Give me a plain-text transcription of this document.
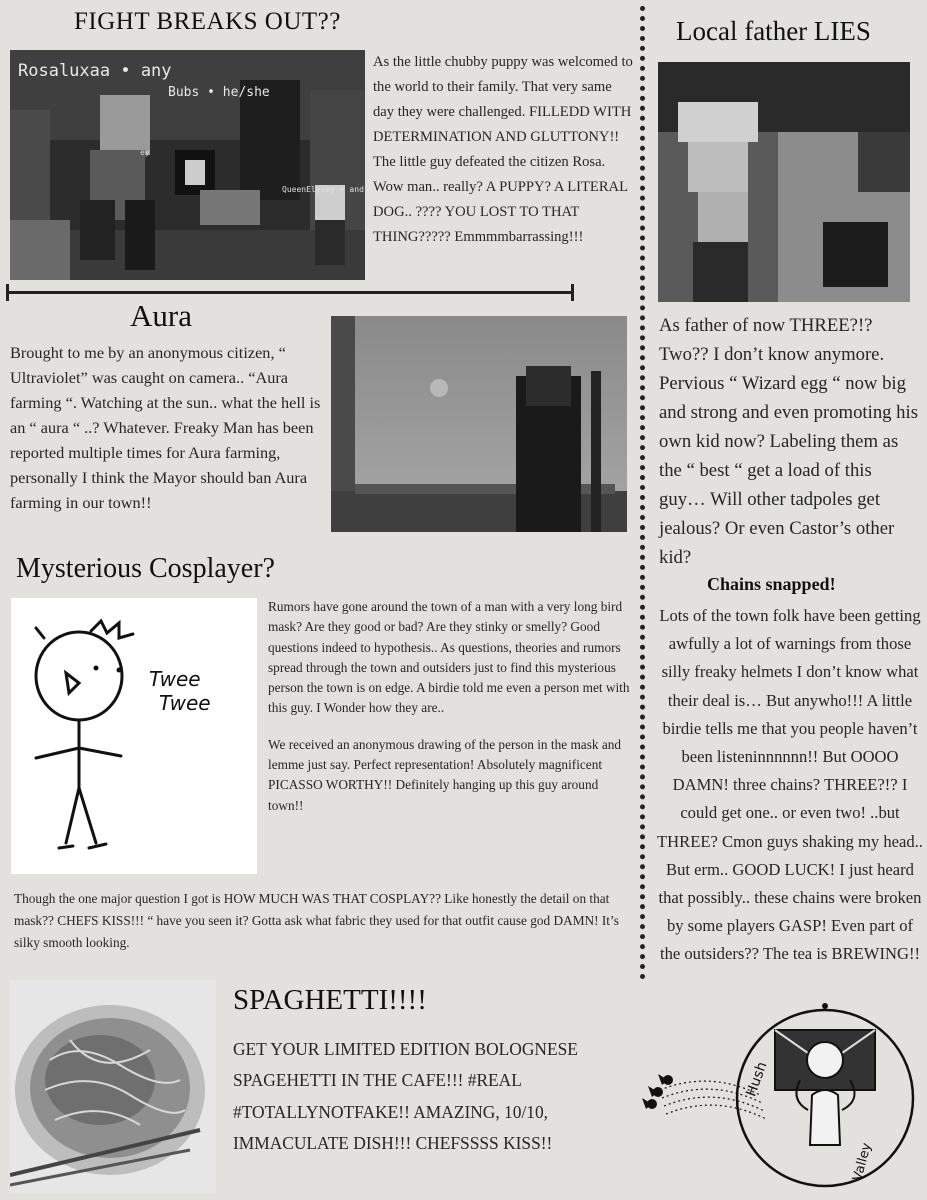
FIGHT BREAKS OUT??
Rosaluxaa • any
Bubs • he/she
ey
QueenElysey • and

As the little chubby puppy was welcomed to the world to their family. That very same day they were challenged. FILLEDD WITH DETERMINATION AND GLUTTONY!! The little guy defeated the citizen Rosa. Wow man.. really? A PUPPY? A LITERAL DOG.. ???? YOU LOST TO THAT THING????? Emmmmbarrassing!!!

Aura

Brought to me by an anonymous citizen, “ Ultraviolet” was caught on camera.. “Aura farming “. Watching at the sun.. what the hell is an “ aura “ ..? Whatever. Freaky Man has been reported multiple times for Aura farming, personally I think the Mayor should ban Aura farming in our town!!

Mysterious Cosplayer?
Twee
Twee

Rumors have gone around the town of a man with a very long bird mask? Are they good or bad? Are they stinky or smelly? Good questions indeed to hypothesis.. As questions, theories and rumors spread through the town and outsiders just to find this mysterious person the town is on edge. A birdie told me even a person met with this guy. I Wonder how they are..

We received an anonymous drawing of the person in the mask and lemme just say. Perfect representation! Absolutely magnificent PICASSO WORTHY!! Definitely hanging up this guy around town!!

Though the one major question I got is HOW MUCH WAS THAT COSPLAY?? Like honestly the detail on that mask?? CHEFS KISS!!! “ have you seen it? Gotta ask what fabric they used for that outfit cause god DAMN! It’s silky smooth looking.

Local father LIES

As father of now THREE?!? Two?? I don’t know anymore. Pervious “ Wizard egg “ now big and strong and even promoting his own kid now? Labeling them as the “ best “ get a load of this guy… Will other tadpoles get jealous? Or even Castor’s other kid?

Chains snapped!

Lots of the town folk have been getting awfully a lot of warnings from those silly freaky helmets I don’t know what their deal is… But anywho!!! A little birdie tells me that you people haven’t been listeninnnnnn!! But OOOO DAMN! three chains? THREE?!? I could get one.. or even two! ..but THREE? Cmon guys shaking my head.. But erm.. GOOD LUCK! I just heard that possibly.. these chains were broken by some players GASP! Even part of the outsiders?? The tea is BREWING!!

SPAGHETTI!!!!

GET YOUR LIMITED EDITION BOLOGNESE SPAGEHETTI IN THE CAFE!!! #REAL #TOTALLYNOTFAKE!! AMAZING, 10/10, IMMACULATE DISH!!! CHEFSSSS KISS!!

Hush
Valley
